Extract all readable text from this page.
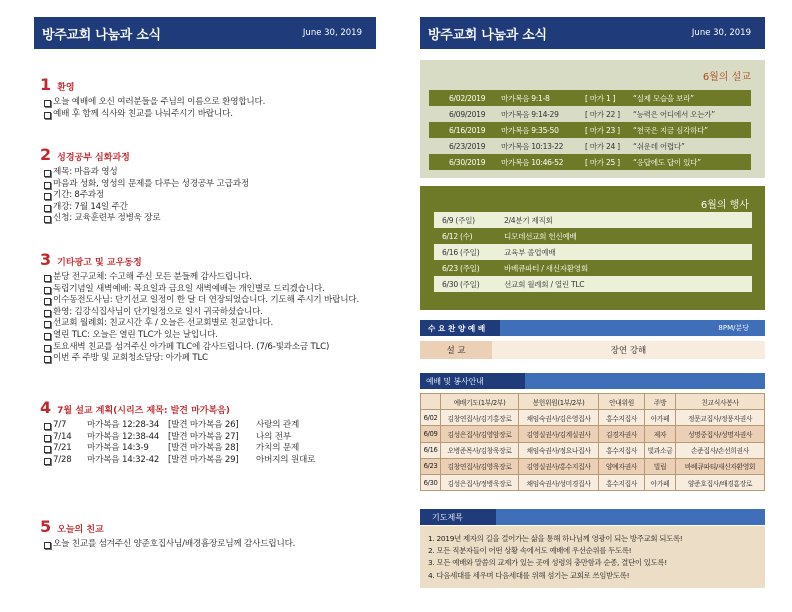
방주교회 나눔과 소식	June 30, 2019
1 환영
오늘 예배에 오신 여러분들을 주님의 이름으로 환영합니다.
예배 후 함께 식사와 친교를 나눠주시기 바랍니다.
2 성경공부 심화과정
제목: 마음과 영성
마음과 성화, 영성의 문제를 다루는 성경공부 고급과정
기간: 8주과정
개강: 7월 14일 주간
신청: 교육훈련부 정병욱 장로
3 기타광고 및 교우동정
분당 전구교체: 수고해 주신 모든 분들께 감사드립니다.
독립기념일 새벽예배: 목요일과 금요일 새벽예배는 개인별로 드리겠습니다.
이수동전도사님: 단기선교 일정이 한 달 더 연장되었습니다. 기도해 주시기 바랍니다.
환영: 김강식집사님이 단기일정으로 일시 귀국하셨습니다.
선교회 월례회: 친교시간 후 / 오늘은 선교회별로 친교합니다.
열린 TLC: 오늘은 열린 TLC가 있는 날입니다.
토요새벽 친교를 섬겨주신 아가페 TLC에 감사드립니다. (7/6-빛과소금 TLC)
이번 주 주방 및 교회청소담당: 아가페 TLC
4 7월 설교 계획(시리즈 제목: 발견 마가복음)
7/7	마가복음 12:28-34	[발견 마가복음 26]	사랑의 관계
7/14	마가복음 12:38-44	[발견 마가복음 27]	나의 전부
7/21	마가복음 14:3-9	[발견 마가복음 28]	가치의 문제
7/28	마가복음 14:32-42	[발견 마가복음 29]	아버지의 원대로
5 오늘의 친교
오늘 친교를 섬겨주신 양준호집사님/배경흠장로님께 감사드립니다.
방주교회 나눔과 소식	June 30, 2019
6월의 설교
6/02/2019	마가복음 9:1-8	[ 마가 1 ]	“실제 모습을 보라”
6/09/2019	마가복음 9:14-29	[ 마가 22 ]	“능력은 어디에서 오는가”
6/16/2019	마가복음 9:35-50	[ 마가 23 ]	“천국은 지금 심각하다”
6/23/2019	마가복음 10:13-22	[ 마가 24 ]	“쉬운데 어렵다”
6/30/2019	마가복음 10:46-52	[ 마가 25 ]	“응답에도 답이 있다”
6월의 행사
6/9 (주일)	2/4분기 제직회
6/12 (수)	디모데선교회 헌신예배
6/16 (주일)	교육부 졸업예배
6/23 (주일)	바베큐파티 / 새신자환영회
6/30 (주일)	선교회 월례회 / 열린 TLC
수 요 찬 양 예 배	8PM/분당
설 교	장연 강해
예배 및 봉사안내
	예배기도(1부/2부)	봉헌위원(1부/2부)	안내위원	주방	친교식사봉사
6/02	김창연집사/김기홍장로	채임숙권사/김은영집사	홍수지집사	아가페	정문교집사/정풍자권사
6/09	김성은집사/김영암장로	김영실권사/김계실권사	김경자권사	제자	성명중집사/성명자권사
6/16	오병준목사/김창욱장로	채임숙권사/정요나집사	홍수지집사	빛과소금	손준집사/손선희권사
6/23	김창연집사/김영욱장로	김영실권사/홍수지집사	양예자권사	빌립	바베큐파티/새신자환영회
6/30	김성은집사/정병욱장로	채임숙권사/성미경집사	홍수지집사	아가페	양준호집사/배경흠장로
기도제목
1. 2019년 제자의 길을 걸어가는 삶을 통해 하나님께 영광이 되는 방주교회 되도록!
2. 모든 직분자들이 어떤 상황 속에서도 예배에 우선순위를 두도록!
3. 모든 예배와 말씀의 교제가 있는 곳에 성령의 충만함과 순종, 결단이 있도록!
4. 다음세대를 세우며 다음세대를 위해 섬기는 교회로 쓰임받도록!
